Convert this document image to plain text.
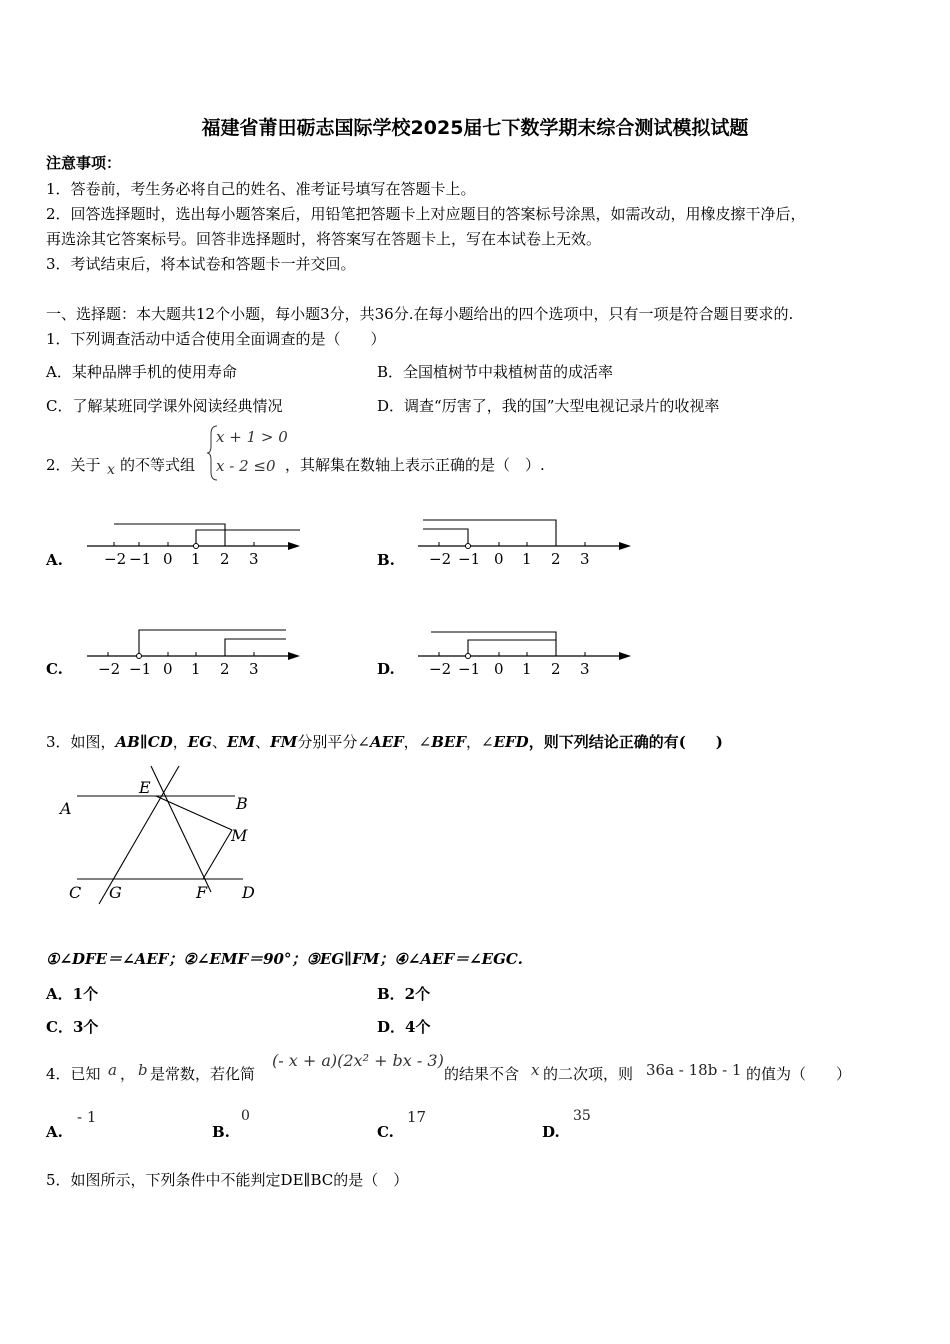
福建省莆田砺志国际学校2025届七下数学期末综合测试模拟试题
注意事项：
1．答卷前，考生务必将自己的姓名、准考证号填写在答题卡上。
2．回答选择题时，选出每小题答案后，用铅笔把答题卡上对应题目的答案标号涂黑，如需改动，用橡皮擦干净后，
再选涂其它答案标号。回答非选择题时，将答案写在答题卡上，写在本试卷上无效。
3．考试结束后，将本试卷和答题卡一并交回。
一、选择题：本大题共12个小题，每小题3分，共36分.在每小题给出的四个选项中，只有一项是符合题目要求的.
1．下列调查活动中适合使用全面调查的是（　　）
A．某种品牌手机的使用寿命	B．全国植树节中栽植树苗的成活率
C．了解某班同学课外阅读经典情况	D．调查“厉害了，我的国”大型电视记录片的收视率
2．关于 x 的不等式组
x + 1 > 0
x - 2 ≤0 ，其解集在数轴上表示正确的是（　）.
A.	−2 −1 0 1 2 3	B. −2 −1 0 1 2 3
C. −2 −1 0 1 2 3	D. −2 −1 0 1 2 3
3．如图，AB∥CD，EG、EM、FM分别平分∠AEF，∠BEF，∠EFD，则下列结论正确的有(　　)
A
E
B
M
C G	F D
①∠DFE＝∠AEF；②∠EMF＝90°；③EG∥FM；④∠AEF＝∠EGC.
A．1个	B．2个
C．3个	D．4个
4．已知 a ， b 是常数，若化简
(- x + a)(2x² + bx - 3)
的结果不含 x 的二次项，则 36a - 18b - 1 的值为（　　）
A.
- 1
B.
0
C.
17
D.
35
5．如图所示，下列条件中不能判定DE∥BC的是（　）
